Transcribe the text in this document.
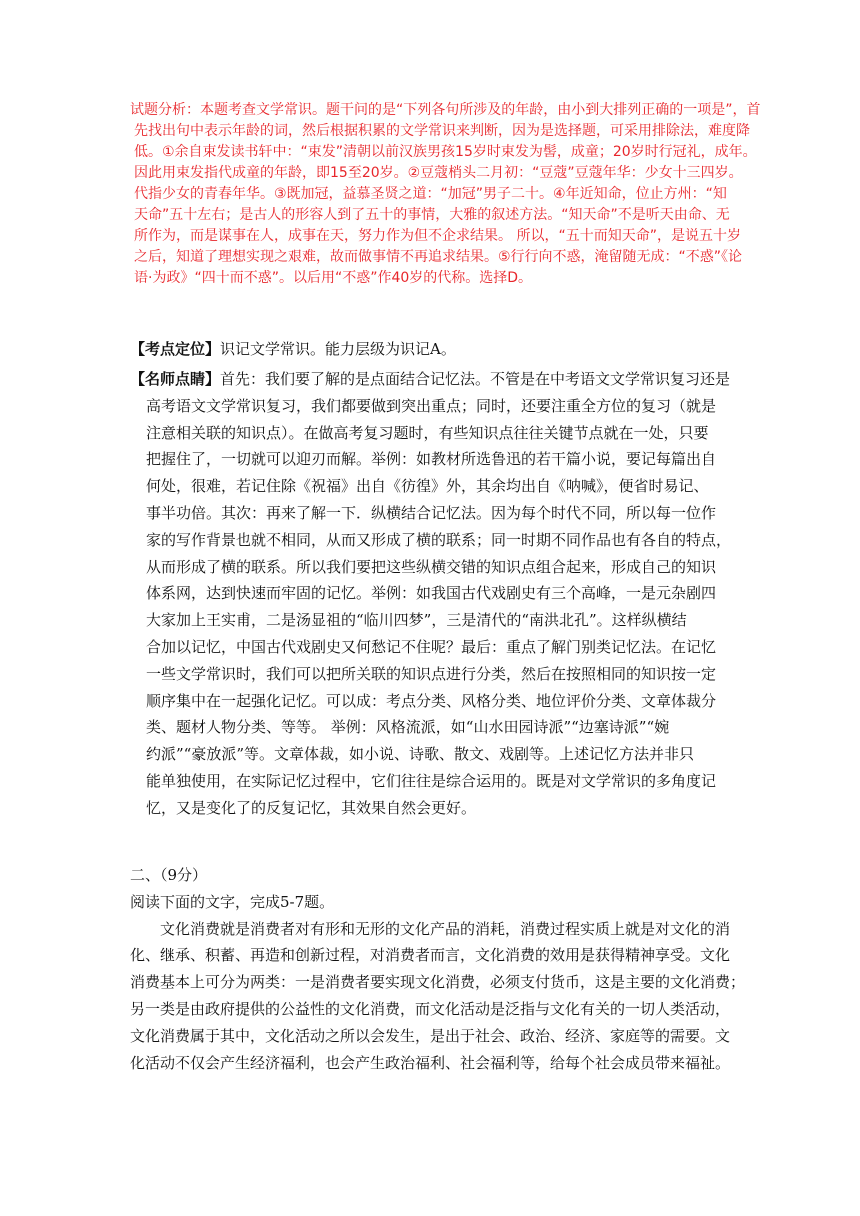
试题分析：本题考查文学常识。题干问的是“下列各句所涉及的年龄，由小到大排列正确的一项是”，首
先找出句中表示年龄的词，然后根据积累的文学常识来判断，因为是选择题，可采用排除法，难度降
低。①余自束发读书轩中：“束发”清朝以前汉族男孩15岁时束发为髻，成童；20岁时行冠礼，成年。
因此用束发指代成童的年龄，即15至20岁。②豆蔻梢头二月初：“豆蔻”豆蔻年华：少女十三四岁。
代指少女的青春年华。③既加冠，益慕圣贤之道：“加冠”男子二十。④年近知命，位止方州：“知
天命”五十左右；是古人的形容人到了五十的事情，大雅的叙述方法。“知天命”不是听天由命、无
所作为，而是谋事在人，成事在天，努力作为但不企求结果。 所以，“五十而知天命”，是说五十岁
之后，知道了理想实现之艰难，故而做事情不再追求结果。⑤行行向不惑，淹留随无成：“不惑”《论
语·为政》“四十而不惑”。以后用“不惑”作40岁的代称。选择D。
【考点定位】识记文学常识。能力层级为识记A。
【名师点睛】首先：我们要了解的是点面结合记忆法。不管是在中考语文文学常识复习还是
高考语文文学常识复习，我们都要做到突出重点；同时，还要注重全方位的复习（就是
注意相关联的知识点）。在做高考复习题时，有些知识点往往关键节点就在一处，只要
把握住了，一切就可以迎刃而解。举例：如教材所选鲁迅的若干篇小说，要记每篇出自
何处，很难，若记住除《祝福》出自《彷徨》外，其余均出自《呐喊》，便省时易记、
事半功倍。其次：再来了解一下．纵横结合记忆法。因为每个时代不同，所以每一位作
家的写作背景也就不相同，从而又形成了横的联系；同一时期不同作品也有各自的特点，
从而形成了横的联系。所以我们要把这些纵横交错的知识点组合起来，形成自己的知识
体系网，达到快速而牢固的记忆。举例：如我国古代戏剧史有三个高峰，一是元杂剧四
大家加上王实甫，二是汤显祖的“临川四梦”，三是清代的“南洪北孔”。这样纵横结
合加以记忆，中国古代戏剧史又何愁记不住呢？最后：重点了解门别类记忆法。在记忆
一些文学常识时，我们可以把所关联的知识点进行分类，然后在按照相同的知识按一定
顺序集中在一起强化记忆。可以成：考点分类、风格分类、地位评价分类、文章体裁分
类、题材人物分类、等等。 举例：风格流派，如“山水田园诗派”“边塞诗派”“婉
约派”“豪放派”等。文章体裁，如小说、诗歌、散文、戏剧等。上述记忆方法并非只
能单独使用，在实际记忆过程中，它们往往是综合运用的。既是对文学常识的多角度记
忆，又是变化了的反复记忆，其效果自然会更好。
二、（9分）
阅读下面的文字，完成5-7题。
文化消费就是消费者对有形和无形的文化产品的消耗，消费过程实质上就是对文化的消
化、继承、积蓄、再造和创新过程，对消费者而言，文化消费的效用是获得精神享受。文化
消费基本上可分为两类：一是消费者要实现文化消费，必须支付货币，这是主要的文化消费；
另一类是由政府提供的公益性的文化消费，而文化活动是泛指与文化有关的一切人类活动，
文化消费属于其中，文化活动之所以会发生，是出于社会、政治、经济、家庭等的需要。文
化活动不仅会产生经济福利，也会产生政治福利、社会福利等，给每个社会成员带来福祉。
